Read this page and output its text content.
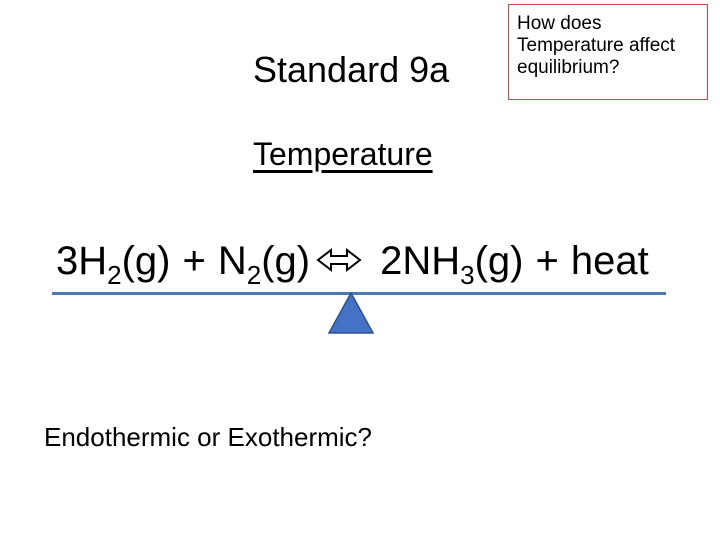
Standard 9a
How does
Temperature affect
equilibrium?
Temperature
$3H_2(g) + N_2(g) 2NH_3(g)$ + heat
Endothermic or Exothermic?
